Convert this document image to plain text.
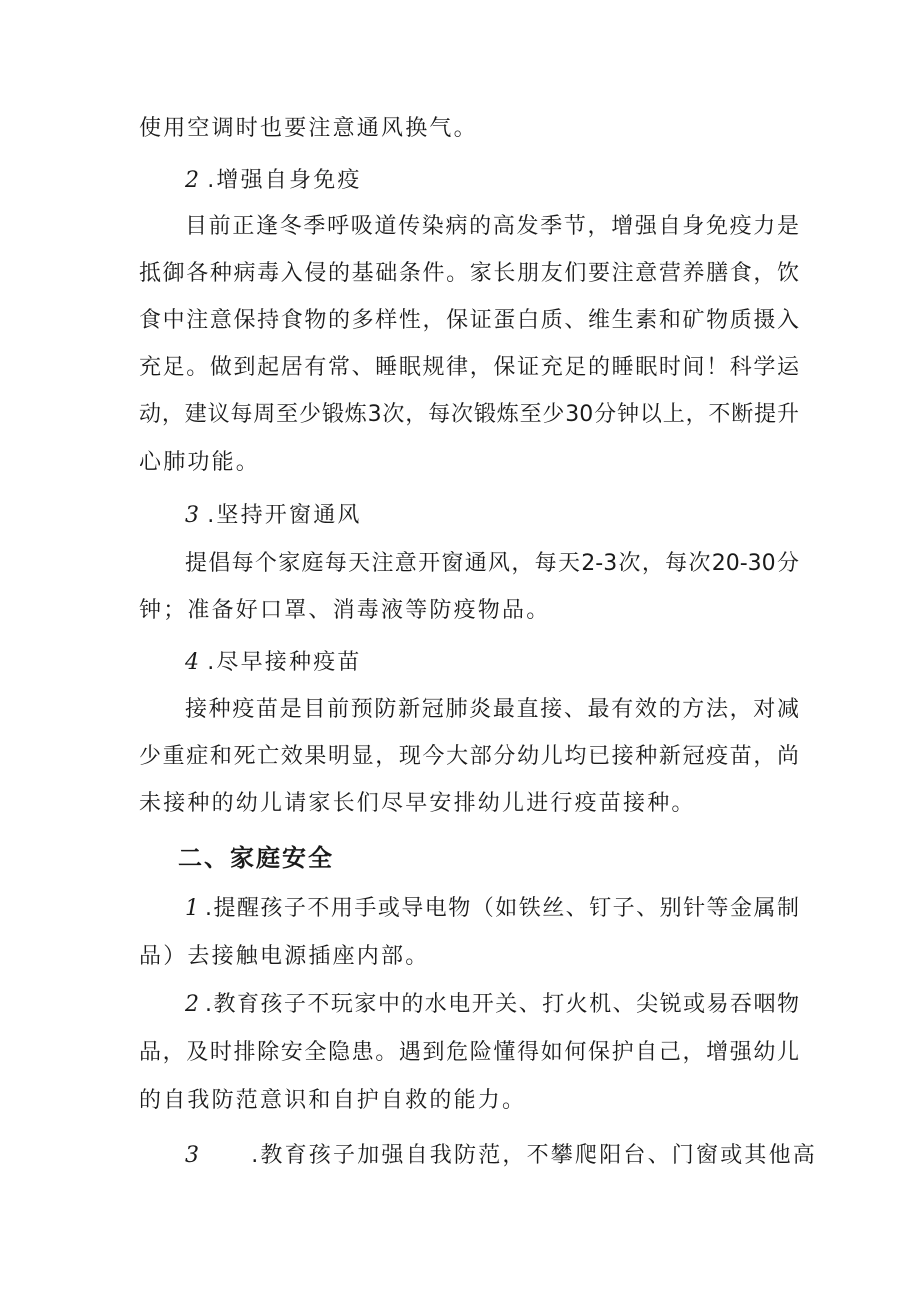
使用空调时也要注意通风换气。
2 .增强自身免疫
目前正逢冬季呼吸道传染病的高发季节，增强自身免疫力是
抵御各种病毒入侵的基础条件。家长朋友们要注意营养膳食，饮
食中注意保持食物的多样性，保证蛋白质、维生素和矿物质摄入
充足。做到起居有常、睡眠规律，保证充足的睡眠时间！科学运
动，建议每周至少锻炼3次，每次锻炼至少30分钟以上，不断提升
心肺功能。
3 .坚持开窗通风
提倡每个家庭每天注意开窗通风，每天2-3次，每次20-30分
钟；准备好口罩、消毒液等防疫物品。
4 .尽早接种疫苗
接种疫苗是目前预防新冠肺炎最直接、最有效的方法，对减
少重症和死亡效果明显，现今大部分幼儿均已接种新冠疫苗，尚
未接种的幼儿请家长们尽早安排幼儿进行疫苗接种。
二、家庭安全
1 .提醒孩子不用手或导电物（如铁丝、钉子、别针等金属制
品）去接触电源插座内部。
2 .教育孩子不玩家中的水电开关、打火机、尖锐或易吞咽物
品，及时排除安全隐患。遇到危险懂得如何保护自己，增强幼儿
的自我防范意识和自护自救的能力。
3 .教育孩子加强自我防范，不攀爬阳台、门窗或其他高
